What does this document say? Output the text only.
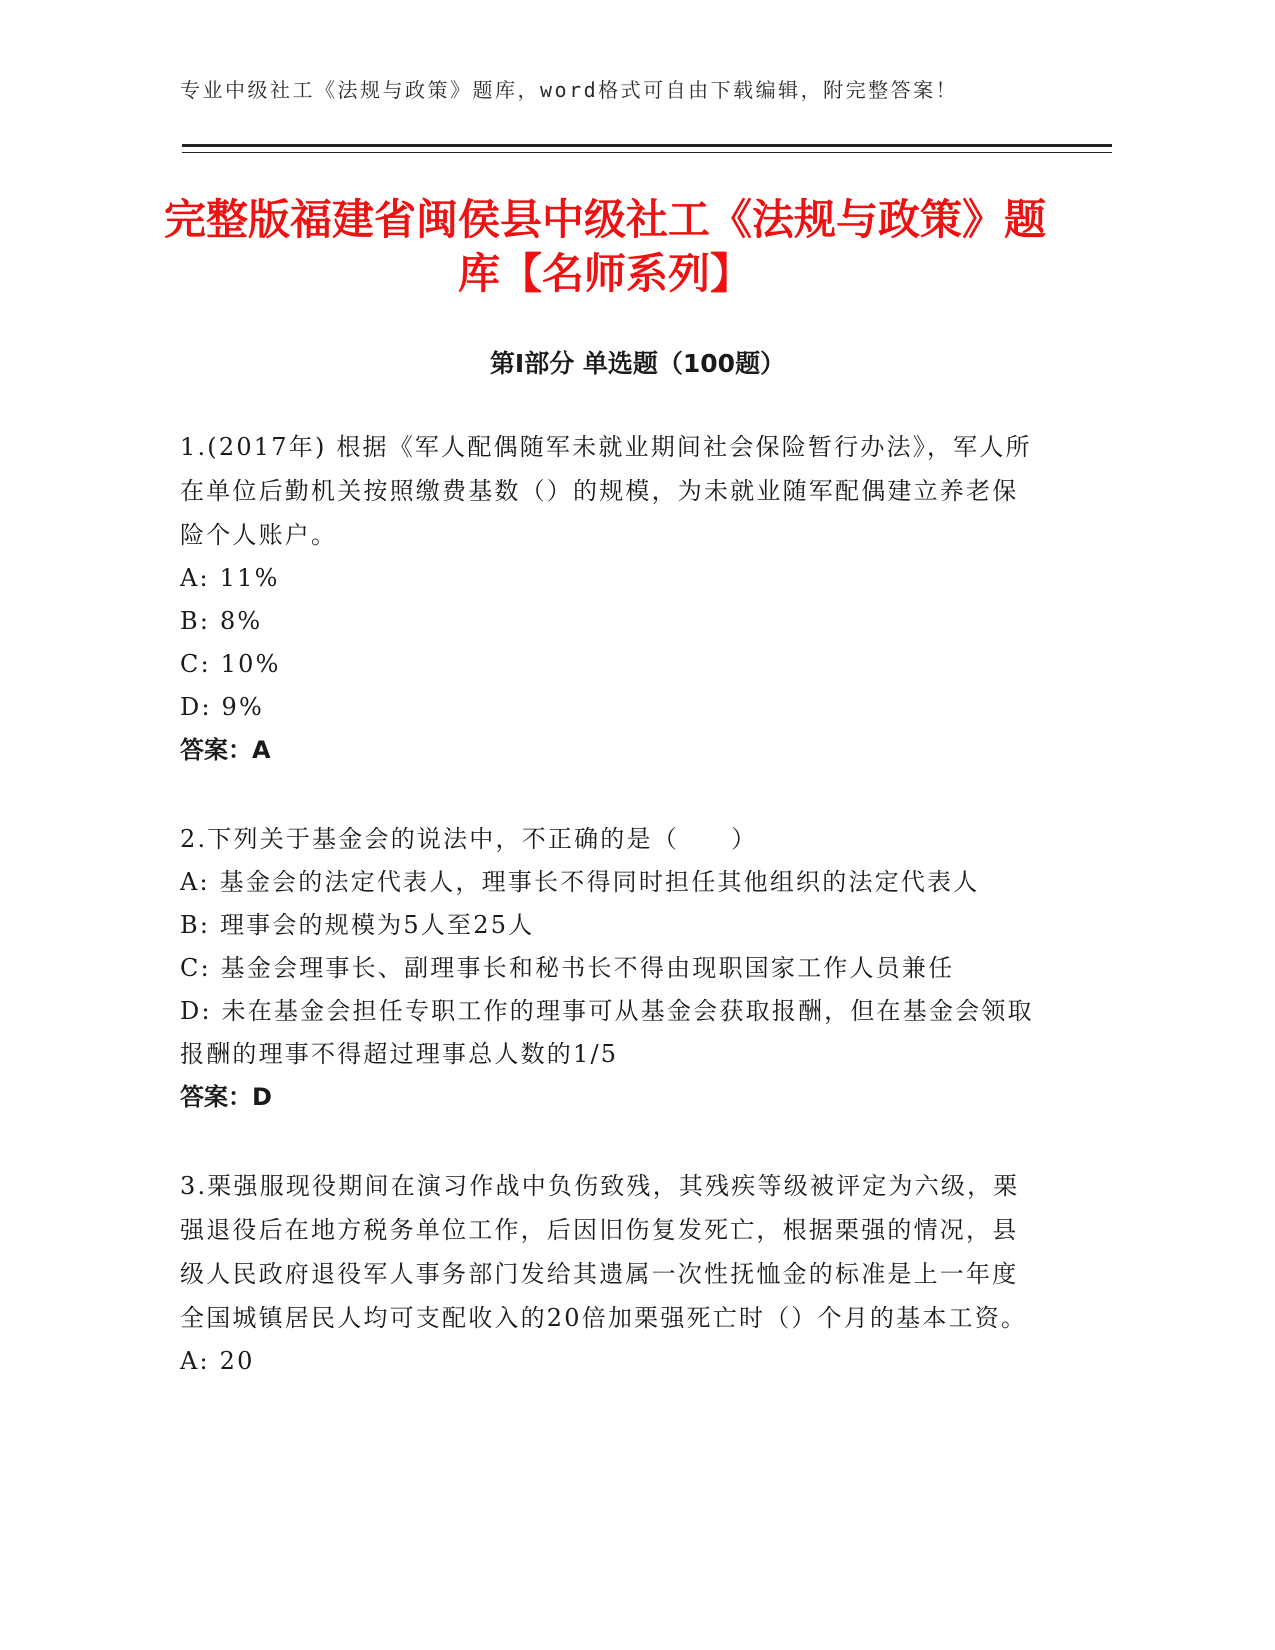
专业中级社工《法规与政策》题库，word格式可自由下载编辑，附完整答案！
完整版福建省闽侯县中级社工《法规与政策》题库【名师系列】
第Ⅰ部分 单选题（100题）

1.(2017年) 根据《军人配偶随军未就业期间社会保险暂行办法》，军人所在单位后勤机关按照缴费基数（）的规模，为未就业随军配偶建立养老保险个人账户。

A: 11%

B: 8%

C: 10%

D: 9%

答案：A

2.下列关于基金会的说法中，不正确的是（　　）

A: 基金会的法定代表人，理事长不得同时担任其他组织的法定代表人

B: 理事会的规模为5人至25人

C: 基金会理事长、副理事长和秘书长不得由现职国家工作人员兼任

D: 未在基金会担任专职工作的理事可从基金会获取报酬，但在基金会领取报酬的理事不得超过理事总人数的1/5

答案：D

3.栗强服现役期间在演习作战中负伤致残，其残疾等级被评定为六级，栗强退役后在地方税务单位工作，后因旧伤复发死亡，根据栗强的情况，县级人民政府退役军人事务部门发给其遗属一次性抚恤金的标准是上一年度全国城镇居民人均可支配收入的20倍加栗强死亡时（）个月的基本工资。

A: 20
